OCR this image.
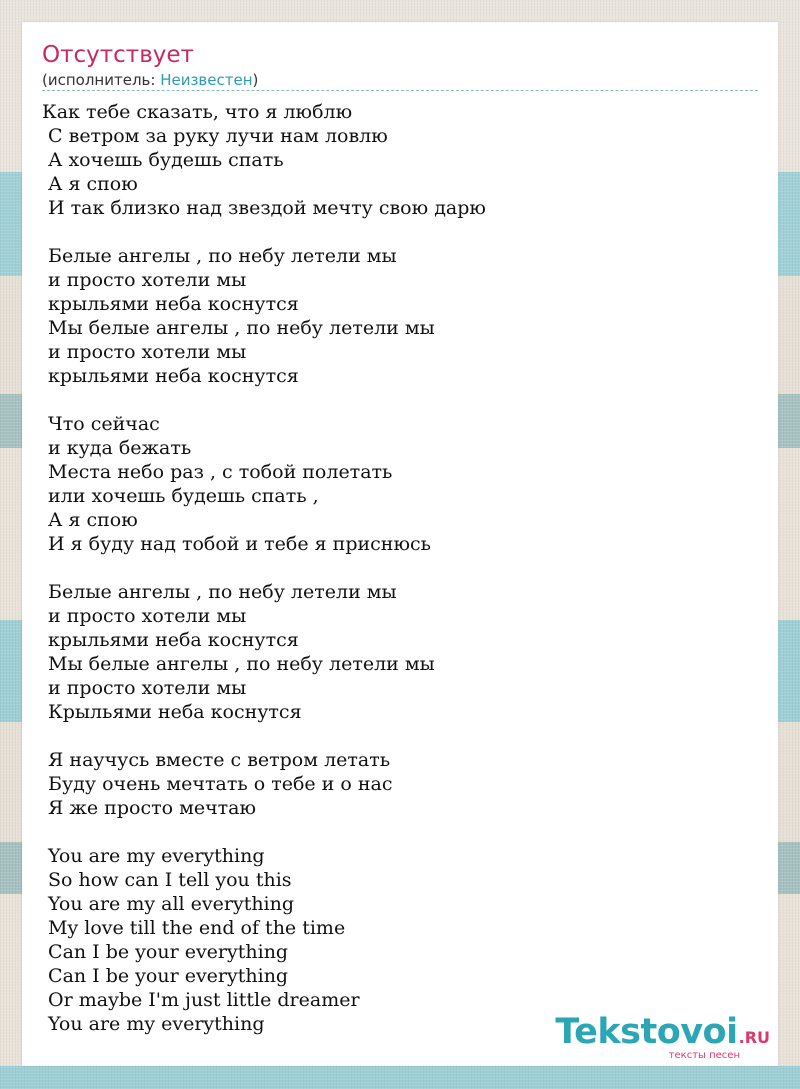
Отсутствует
(исполнитель: Неизвестен)
Как тебе сказать, что я люблю
С ветром за руку лучи нам ловлю
А хочешь будешь спать
А я спою
И так близко над звездой мечту свою дарю

Белые ангелы , по небу летели мы
и просто хотели мы
крыльями неба коснутся
Мы белые ангелы , по небу летели мы
и просто хотели мы
крыльями неба коснутся

Что сейчас
и куда бежать
Места небо раз , с тобой полетать
или хочешь будешь спать ,
А я спою
И я буду над тобой и тебе я приснюсь

Белые ангелы , по небу летели мы
и просто хотели мы
крыльями неба коснутся
Мы белые ангелы , по небу летели мы
и просто хотели мы
Крыльями неба коснутся

Я научусь вместе с ветром летать
Буду очень мечтать о тебе и о нас
Я же просто мечтаю

You are my everything
So how can I tell you this
You are my all everything
My love till the end of the time
Can I be your everything
Can I be your everything
Or maybe I'm just little dreamer
You are my everything	Tekstovoi.RU
тексты песен
